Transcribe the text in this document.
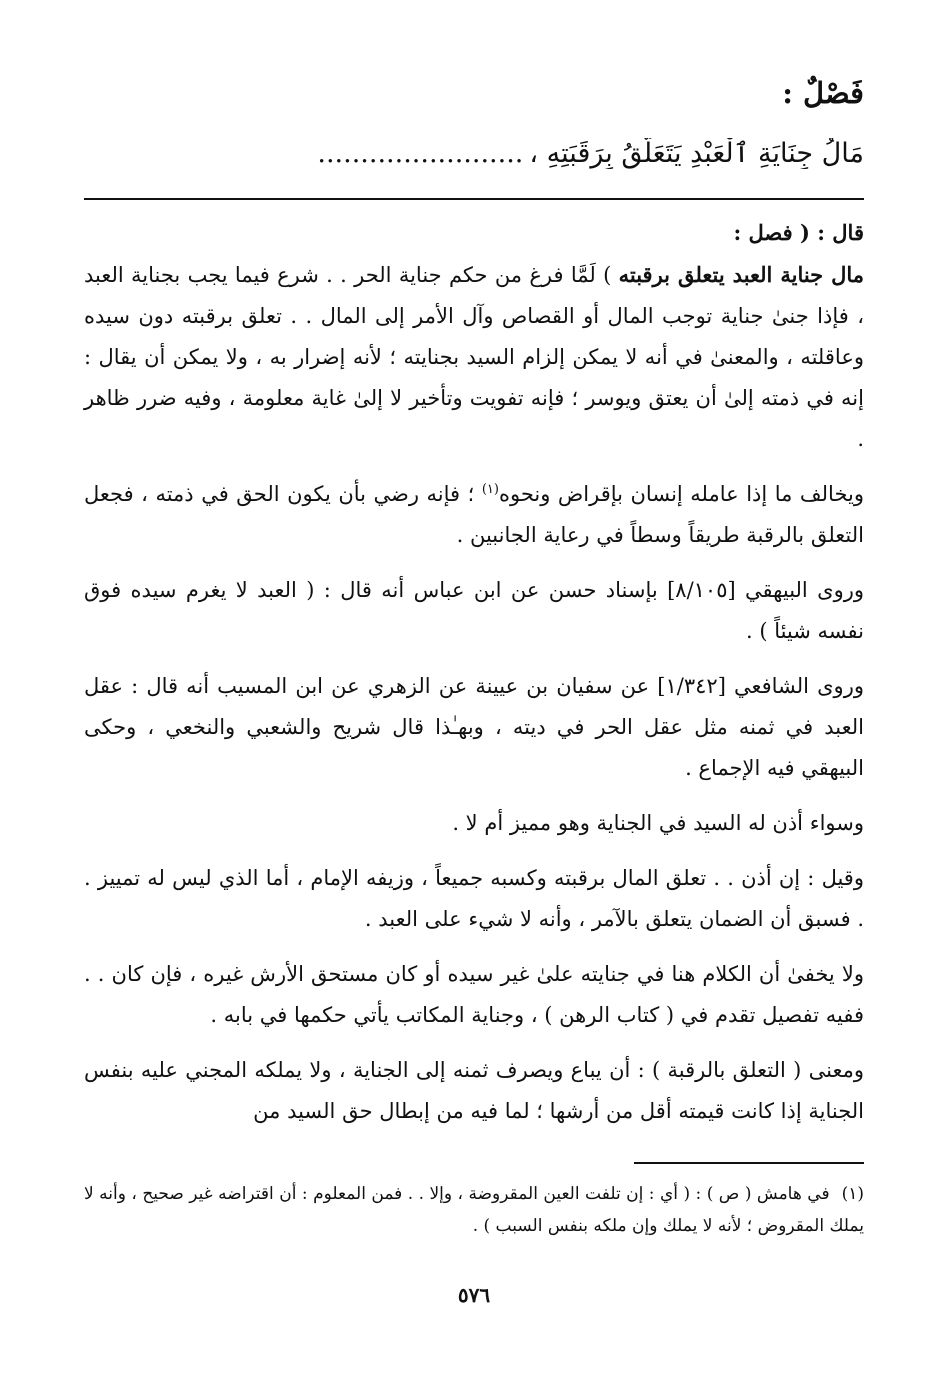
فَصْلٌ :
مَالُ جِنَايَةِ ٱلْعَبْدِ يَتَعَلَّقُ بِرَقَبَتِهِ ،........................

قال : ( فصل :

مال جناية العبد يتعلق برقبته ) لَمَّا فرغ من حكم جناية الحر . . شرع فيما يجب بجناية العبد ، فإذا جنىٰ جناية توجب المال أو القصاص وآل الأمر إلى المال . . تعلق برقبته دون سيده وعاقلته ، والمعنىٰ في أنه لا يمكن إلزام السيد بجنايته ؛ لأنه إضرار به ، ولا يمكن أن يقال : إنه في ذمته إلىٰ أن يعتق ويوسر ؛ فإنه تفويت وتأخير لا إلىٰ غاية معلومة ، وفيه ضرر ظاهر .

ويخالف ما إذا عامله إنسان بإقراض ونحوه$^{(١)}$ ؛ فإنه رضي بأن يكون الحق في ذمته ، فجعل التعلق بالرقبة طريقاً وسطاً في رعاية الجانبين .

وروى البيهقي [٨/١٠٥] بإسناد حسن عن ابن عباس أنه قال : ( العبد لا يغرم سيده فوق نفسه شيئاً ) .

وروى الشافعي [١/٣٤٢] عن سفيان بن عيينة عن الزهري عن ابن المسيب أنه قال : عقل العبد في ثمنه مثل عقل الحر في ديته ، وبهـٰذا قال شريح والشعبي والنخعي ، وحكى البيهقي فيه الإجماع .

وسواء أذن له السيد في الجناية وهو مميز أم لا .

وقيل : إن أذن . . تعلق المال برقبته وكسبه جميعاً ، وزيفه الإمام ، أما الذي ليس له تمييز . . فسبق أن الضمان يتعلق بالآمر ، وأنه لا شيء على العبد .

ولا يخفىٰ أن الكلام هنا في جنايته علىٰ غير سيده أو كان مستحق الأرش غيره ، فإن كان . . ففيه تفصيل تقدم في ( كتاب الرهن ) ، وجناية المكاتب يأتي حكمها في بابه .

ومعنى ( التعلق بالرقبة ) : أن يباع ويصرف ثمنه إلى الجناية ، ولا يملكه المجني عليه بنفس الجناية إذا كانت قيمته أقل من أرشها ؛ لما فيه من إبطال حق السيد من

(١)في هامش ( ص ) : ( أي : إن تلفت العين المقروضة ، وإلا . . فمن المعلوم : أن اقتراضه غير صحيح ، وأنه لا يملك المقروض ؛ لأنه لا يملك وإن ملكه بنفس السبب ) .

٥٧٦
